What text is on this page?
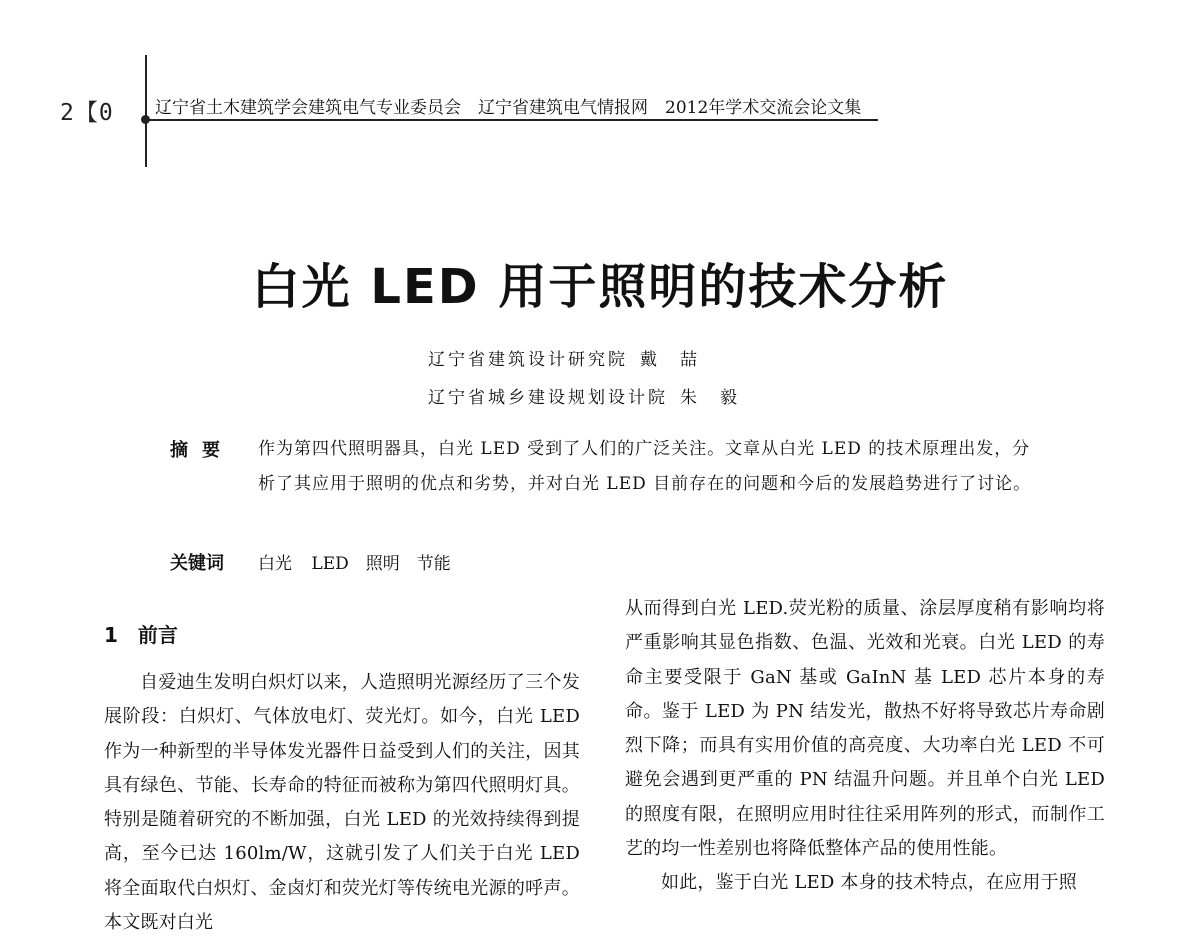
2【0 辽宁省土木建筑学会建筑电气专业委员会　辽宁省建筑电气情报网　2012年学术交流会论文集
白光 LED 用于照明的技术分析
辽宁省建筑设计研究院 戴　喆
辽宁省城乡建设规划设计院 朱　毅
摘要 作为第四代照明器具，白光 LED 受到了人们的广泛关注。文章从白光 LED 的技术原理出发，分析了其应用于照明的优点和劣势，并对白光 LED 目前存在的问题和今后的发展趋势进行了讨论。
关键词 白光 LED　照明　节能
1 前言

自爱迪生发明白炽灯以来，人造照明光源经历了三个发展阶段：白炽灯、气体放电灯、荧光灯。如今，白光 LED 作为一种新型的半导体发光器件日益受到人们的关注，因其具有绿色、节能、长寿命的特征而被称为第四代照明灯具。特别是随着研究的不断加强，白光 LED 的光效持续得到提高，至今已达 160lm/W，这就引发了人们关于白光 LED 将全面取代白炽灯、金卤灯和荧光灯等传统电光源的呼声。本文既对白光

从而得到白光 LED.荧光粉的质量、涂层厚度稍有影响均将严重影响其显色指数、色温、光效和光衰。白光 LED 的寿命主要受限于 GaN 基或 GaInN 基 LED 芯片本身的寿命。鉴于 LED 为 PN 结发光，散热不好将导致芯片寿命剧烈下降；而具有实用价值的高亮度、大功率白光 LED 不可避免会遇到更严重的 PN 结温升问题。并且单个白光 LED 的照度有限，在照明应用时往往采用阵列的形式，而制作工艺的均一性差别也将降低整体产品的使用性能。

如此，鉴于白光 LED 本身的技术特点，在应用于照
